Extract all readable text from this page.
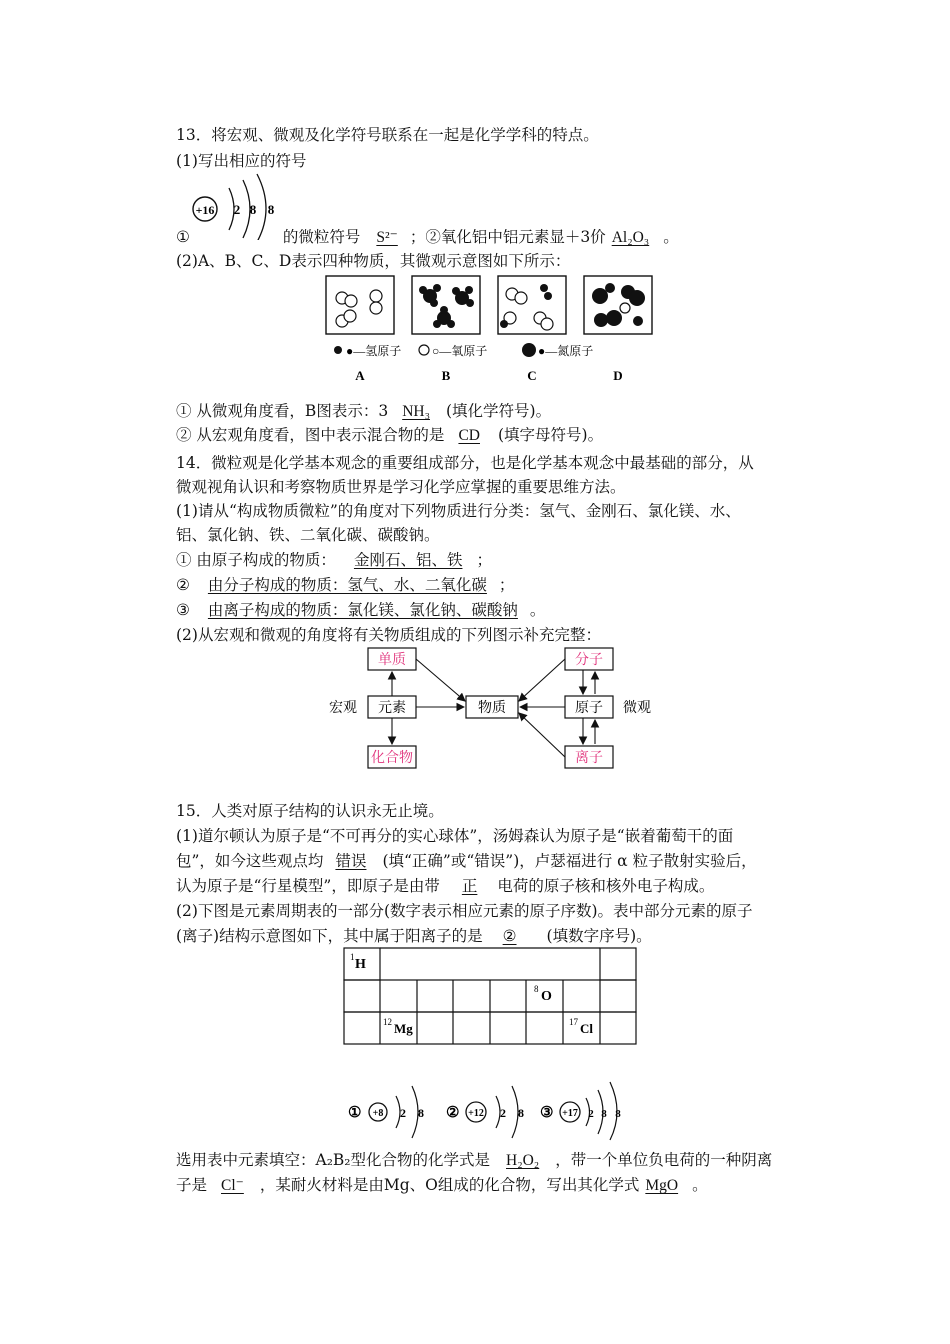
13．将宏观、微观及化学符号联系在一起是化学学科的特点。
(1)写出相应的符号
+16 2 8 8
①	的微粒符号 S²⁻ ；②氧化铝中铝元素显＋3价 Al₂O₃ 。
(2)A、B、C、D表示四种物质，其微观示意图如下所示：
●—氢原子	○—氧原子	●—氮原子
A	B	C	D
① 从微观角度看，B图表示：3 NH₃ (填化学符号)。
② 从宏观角度看，图中表示混合物的是 CD (填字母符号)。
14．微粒观是化学基本观念的重要组成部分，也是化学基本观念中最基础的部分，从
微观视角认识和考察物质世界是学习化学应掌握的重要思维方法。
(1)请从“构成物质微粒”的角度对下列物质进行分类：氢气、金刚石、氯化镁、水、
铝、氯化钠、铁、二氧化碳、碳酸钠。
① 由原子构成的物质： 金刚石、铝、铁 ；
② 由分子构成的物质：氢气、水、二氧化碳 ；
③ 由离子构成的物质：氯化镁、氯化钠、碳酸钠 。
(2)从宏观和微观的角度将有关物质组成的下列图示补充完整：
单质
元素
化合物
物质
分子
原子
离子
宏观	微观
15．人类对原子结构的认识永无止境。
(1)道尔顿认为原子是“不可再分的实心球体”，汤姆森认为原子是“嵌着葡萄干的面
包”，如今这些观点均 错误 (填“正确”或“错误”)，卢瑟福进行 α 粒子散射实验后，
认为原子是“行星模型”，即原子是由带 正 电荷的原子核和核外电子构成。
(2)下图是元素周期表的一部分(数字表示相应元素的原子序数)。表中部分元素的原子
(离子)结构示意图如下，其中属于阳离子的是 ② (填数字序号)。
1 H
8 O
12 Mg	17 Cl
① +8 2 8 ② +12 2 8 ③ +17 2 8 8
选用表中元素填空：A₂B₂型化合物的化学式是 H₂O₂ ，带一个单位负电荷的一种阴离
子是 Cl⁻ ，某耐火材料是由Mg、O组成的化合物，写出其化学式 MgO 。
